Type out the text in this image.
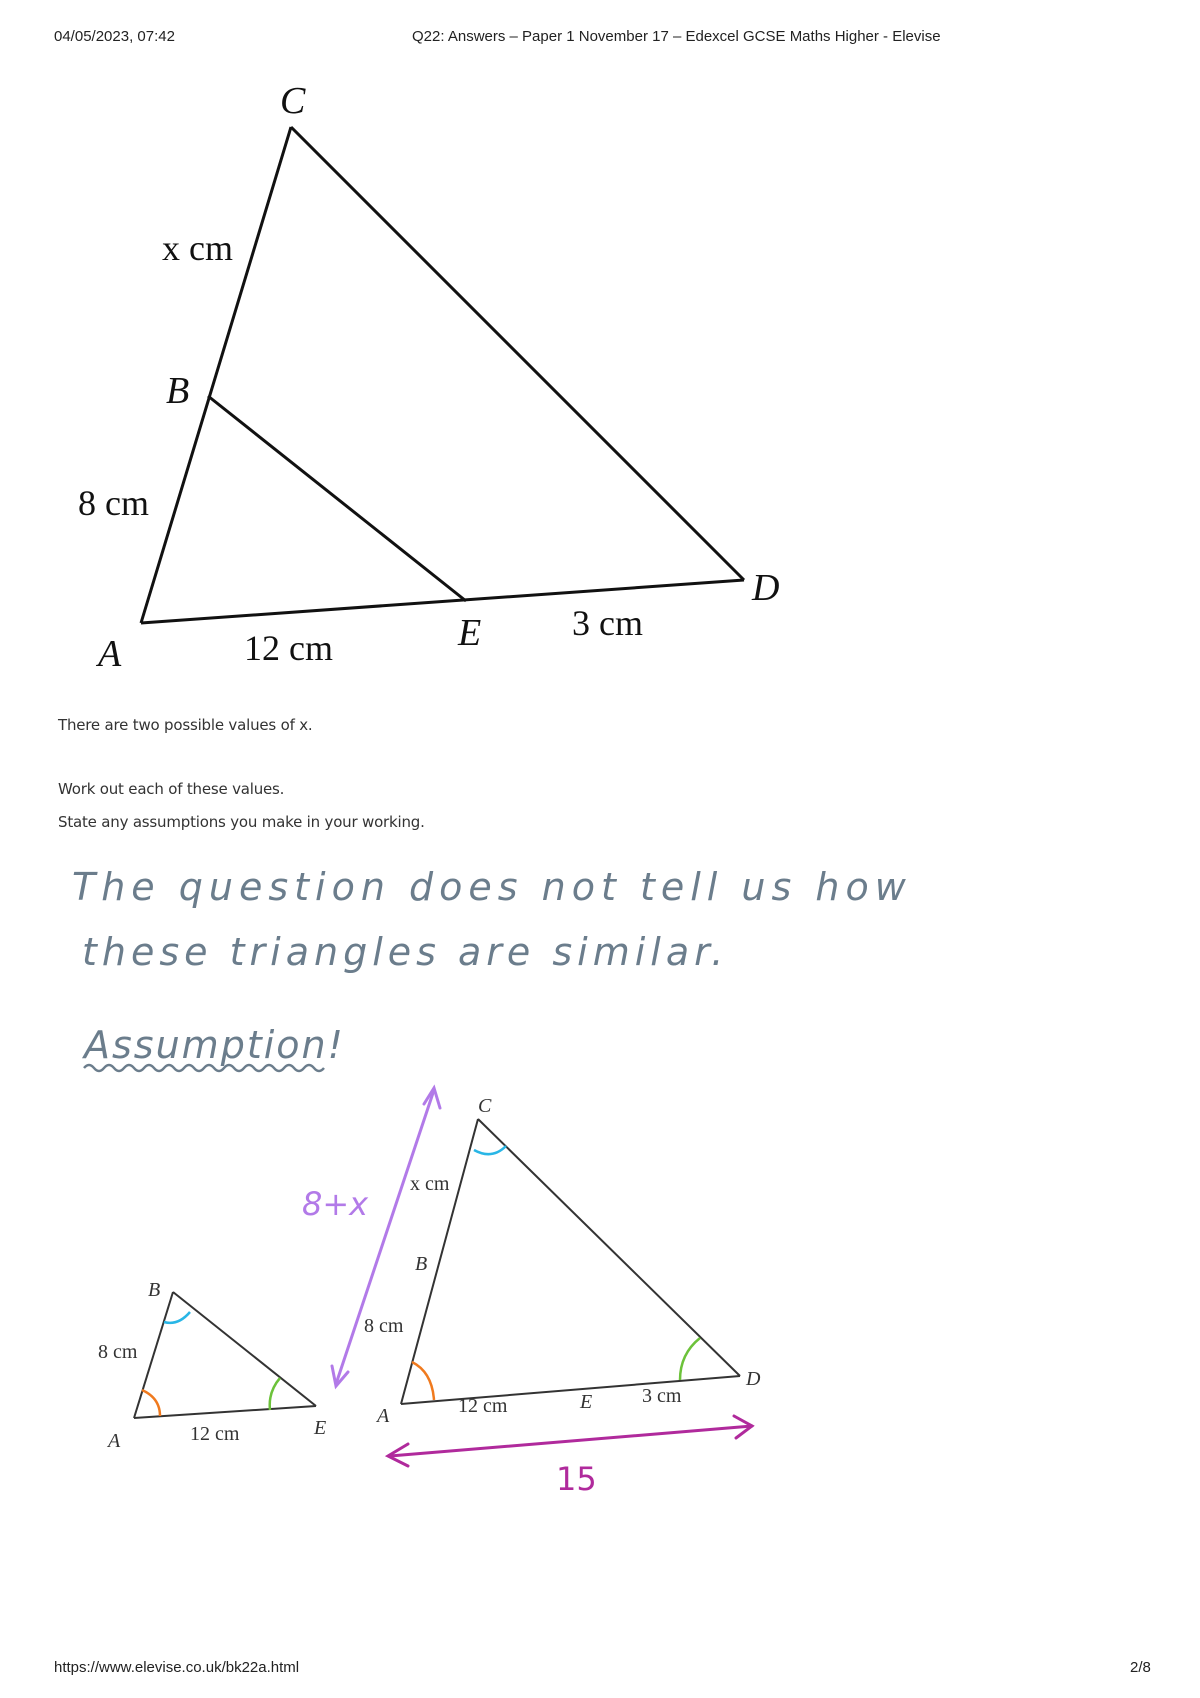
04/05/2023, 07:42	Q22: Answers – Paper 1 November 17 – Edexcel GCSE Maths Higher - Elevise
https://www.elevise.co.uk/bk22a.html	2/8
There are two possible values of x.
Work out each of these values.
State any assumptions you make in your working.
C
B
A	E
D
x cm
8 cm
12 cm
3 cm
The question does not tell us how
these triangles are similar.
Assumption!
B
A
E
8 cm
12 cm
C
B
A
E
D
x cm
8 cm
12 cm	3 cm
8+x
15
